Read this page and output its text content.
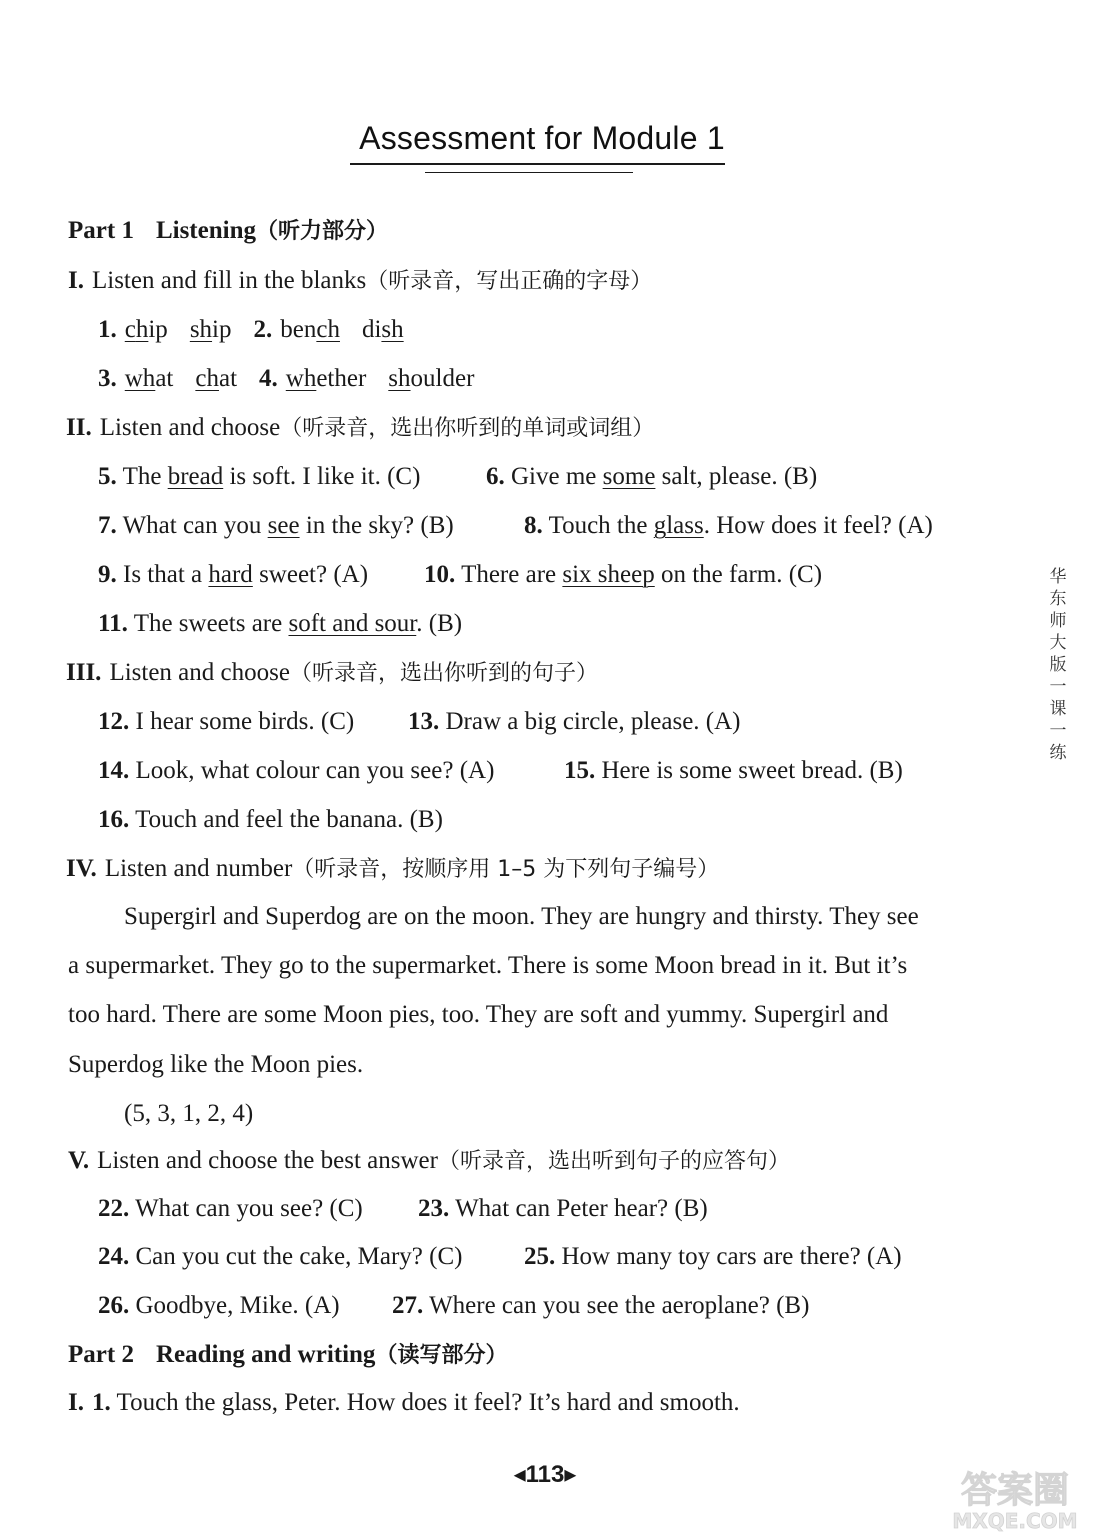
Assessment for Module 1
Part 1 Listening（听力部分）
I. Listen and fill in the blanks（听录音，写出正确的字母）
1. chip ship 2. bench dish
3. what chat 4. whether shoulder
II. Listen and choose（听录音，选出你听到的单词或词组）
5. The bread is soft. I like it. (C)	6. Give me some salt, please. (B)
7. What can you see in the sky? (B)	8. Touch the glass. How does it feel? (A)
9. Is that a hard sweet? (A) 10. There are six sheep on the farm. (C)
11. The sweets are soft and sour. (B)
III. Listen and choose（听录音，选出你听到的句子）
12. I hear some birds. (C) 13. Draw a big circle, please. (A)
14. Look, what colour can you see? (A)	15. Here is some sweet bread. (B)
16. Touch and feel the banana. (B)
IV. Listen and number（听录音，按顺序用 1–5 为下列句子编号）
Supergirl and Superdog are on the moon. They are hungry and thirsty. They see
a supermarket. They go to the supermarket. There is some Moon bread in it. But it’s
too hard. There are some Moon pies, too. They are soft and yummy. Supergirl and
Superdog like the Moon pies.
(5, 3, 1, 2, 4)
V. Listen and choose the best answer（听录音，选出听到句子的应答句）
22. What can you see? (C) 23. What can Peter hear? (B)
24. Can you cut the cake, Mary? (C) 25. How many toy cars are there? (A)
26. Goodbye, Mike. (A) 27. Where can you see the aeroplane? (B)
Part 2 Reading and writing（读写部分）
I. 1. Touch the glass, Peter. How does it feel? It’s hard and smooth.
华东师大版一课一练
◂113▸	答案圈
MXQE.COM
